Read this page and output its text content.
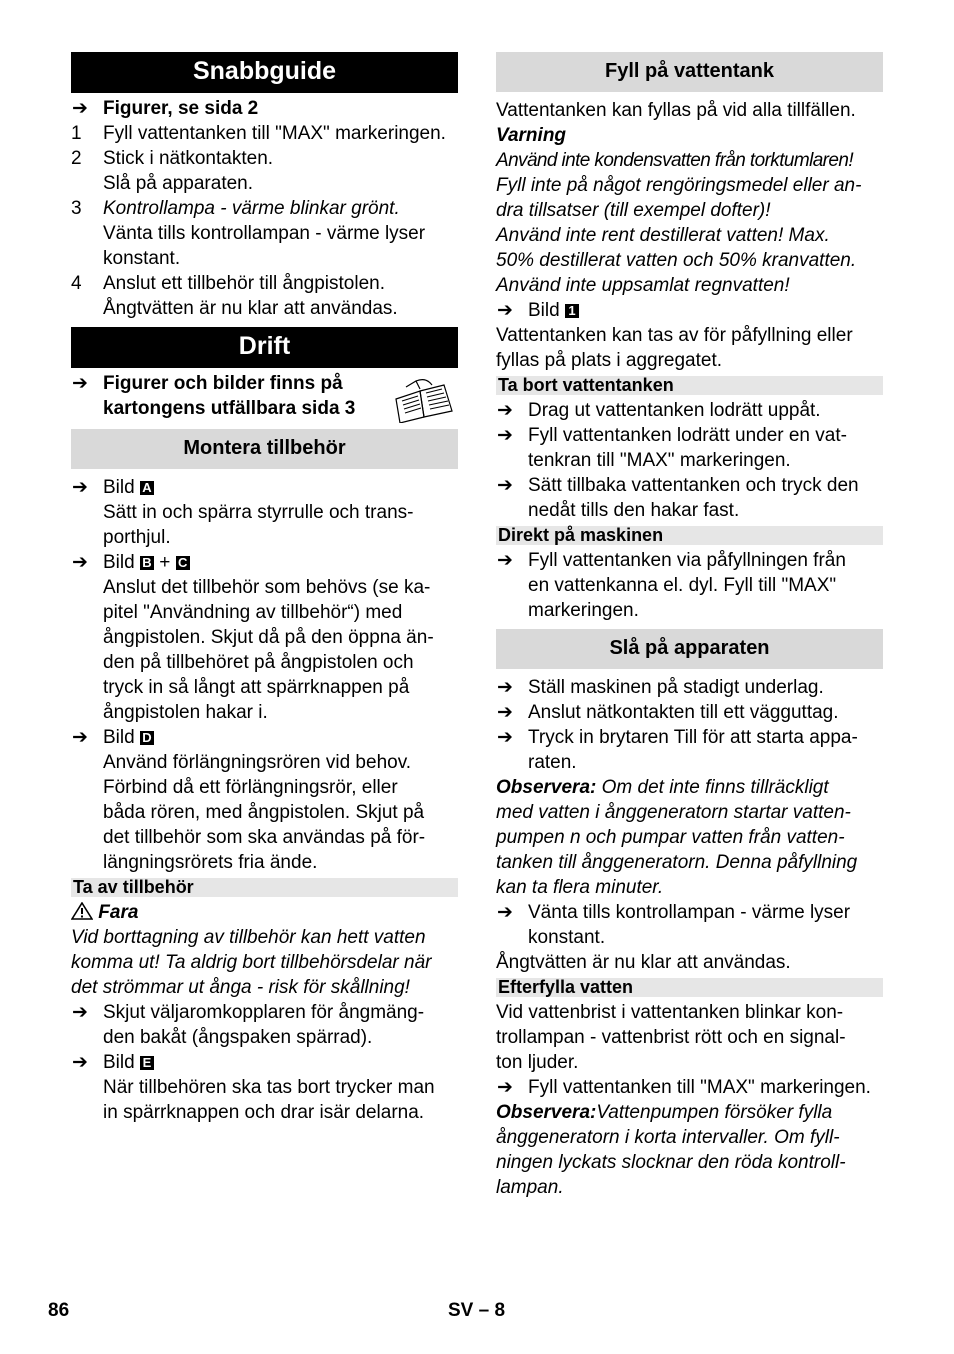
Snabbguide
➔ Figurer, se sida 2
1 Fyll vattentanken till "MAX" markeringen.
2 Stick i nätkontakten.
Slå på apparaten.
3 Kontrollampa - värme blinkar grönt.
Vänta tills kontrollampan - värme lyser
konstant.
4 Anslut ett tillbehör till ångpistolen.
Ångtvätten är nu klar att användas.
Drift
➔ Figurer och bilder finns på
kartongens utfällbara sida 3
Montera tillbehör
➔ Bild A
Sätt in och spärra styrrulle och trans-
porthjul.
➔ Bild B + C
Anslut det tillbehör som behövs (se ka-
pitel "Användning av tillbehör“) med
ångpistolen. Skjut då på den öppna än-
den på tillbehöret på ångpistolen och
tryck in så långt att spärrknappen på
ångpistolen hakar i.
➔ Bild D
Använd förlängningsrören vid behov.
Förbind då ett förlängningsrör, eller
båda rören, med ångpistolen. Skjut på
det tillbehör som ska användas på för-
längningsrörets fria ände.
Ta av tillbehör
Fara
Vid borttagning av tillbehör kan hett vatten
komma ut! Ta aldrig bort tillbehörsdelar när
det strömmar ut ånga - risk för skållning!
➔ Skjut väljaromkopplaren för ångmäng-
den bakåt (ångspaken spärrad).
➔ Bild E
När tillbehören ska tas bort trycker man
in spärrknappen och drar isär delarna.
Fyll på vattentank
Vattentanken kan fyllas på vid alla tillfällen.
Varning
Använd inte kondensvatten från torktumlaren!
Fyll inte på något rengöringsmedel eller an-
dra tillsatser (till exempel dofter)!
Använd inte rent destillerat vatten! Max.
50% destillerat vatten och 50% kranvatten.
Använd inte uppsamlat regnvatten!
➔ Bild 1
Vattentanken kan tas av för påfyllning eller
fyllas på plats i aggregatet.
Ta bort vattentanken
➔ Drag ut vattentanken lodrätt uppåt.
➔ Fyll vattentanken lodrätt under en vat-
tenkran till "MAX" markeringen.
➔ Sätt tillbaka vattentanken och tryck den
nedåt tills den hakar fast.
Direkt på maskinen
➔ Fyll vattentanken via påfyllningen från
en vattenkanna el. dyl. Fyll till "MAX"
markeringen.
Slå på apparaten
➔ Ställ maskinen på stadigt underlag.
➔ Anslut nätkontakten till ett vägguttag.
➔ Tryck in brytaren Till för att starta appa-
raten.
Observera: Om det inte finns tillräckligt
med vatten i ånggeneratorn startar vatten-
pumpen n och pumpar vatten från vatten-
tanken till ånggeneratorn. Denna påfyllning
kan ta flera minuter.
➔ Vänta tills kontrollampan - värme lyser
konstant.
Ångtvätten är nu klar att användas.
Efterfylla vatten
Vid vattenbrist i vattentanken blinkar kon-
trollampan - vattenbrist rött och en signal-
ton ljuder.
➔ Fyll vattentanken till "MAX" markeringen.
Observera:Vattenpumpen försöker fylla
ånggeneratorn i korta intervaller. Om fyll-
ningen lyckats slocknar den röda kontroll-
lampan.
86	SV – 8
